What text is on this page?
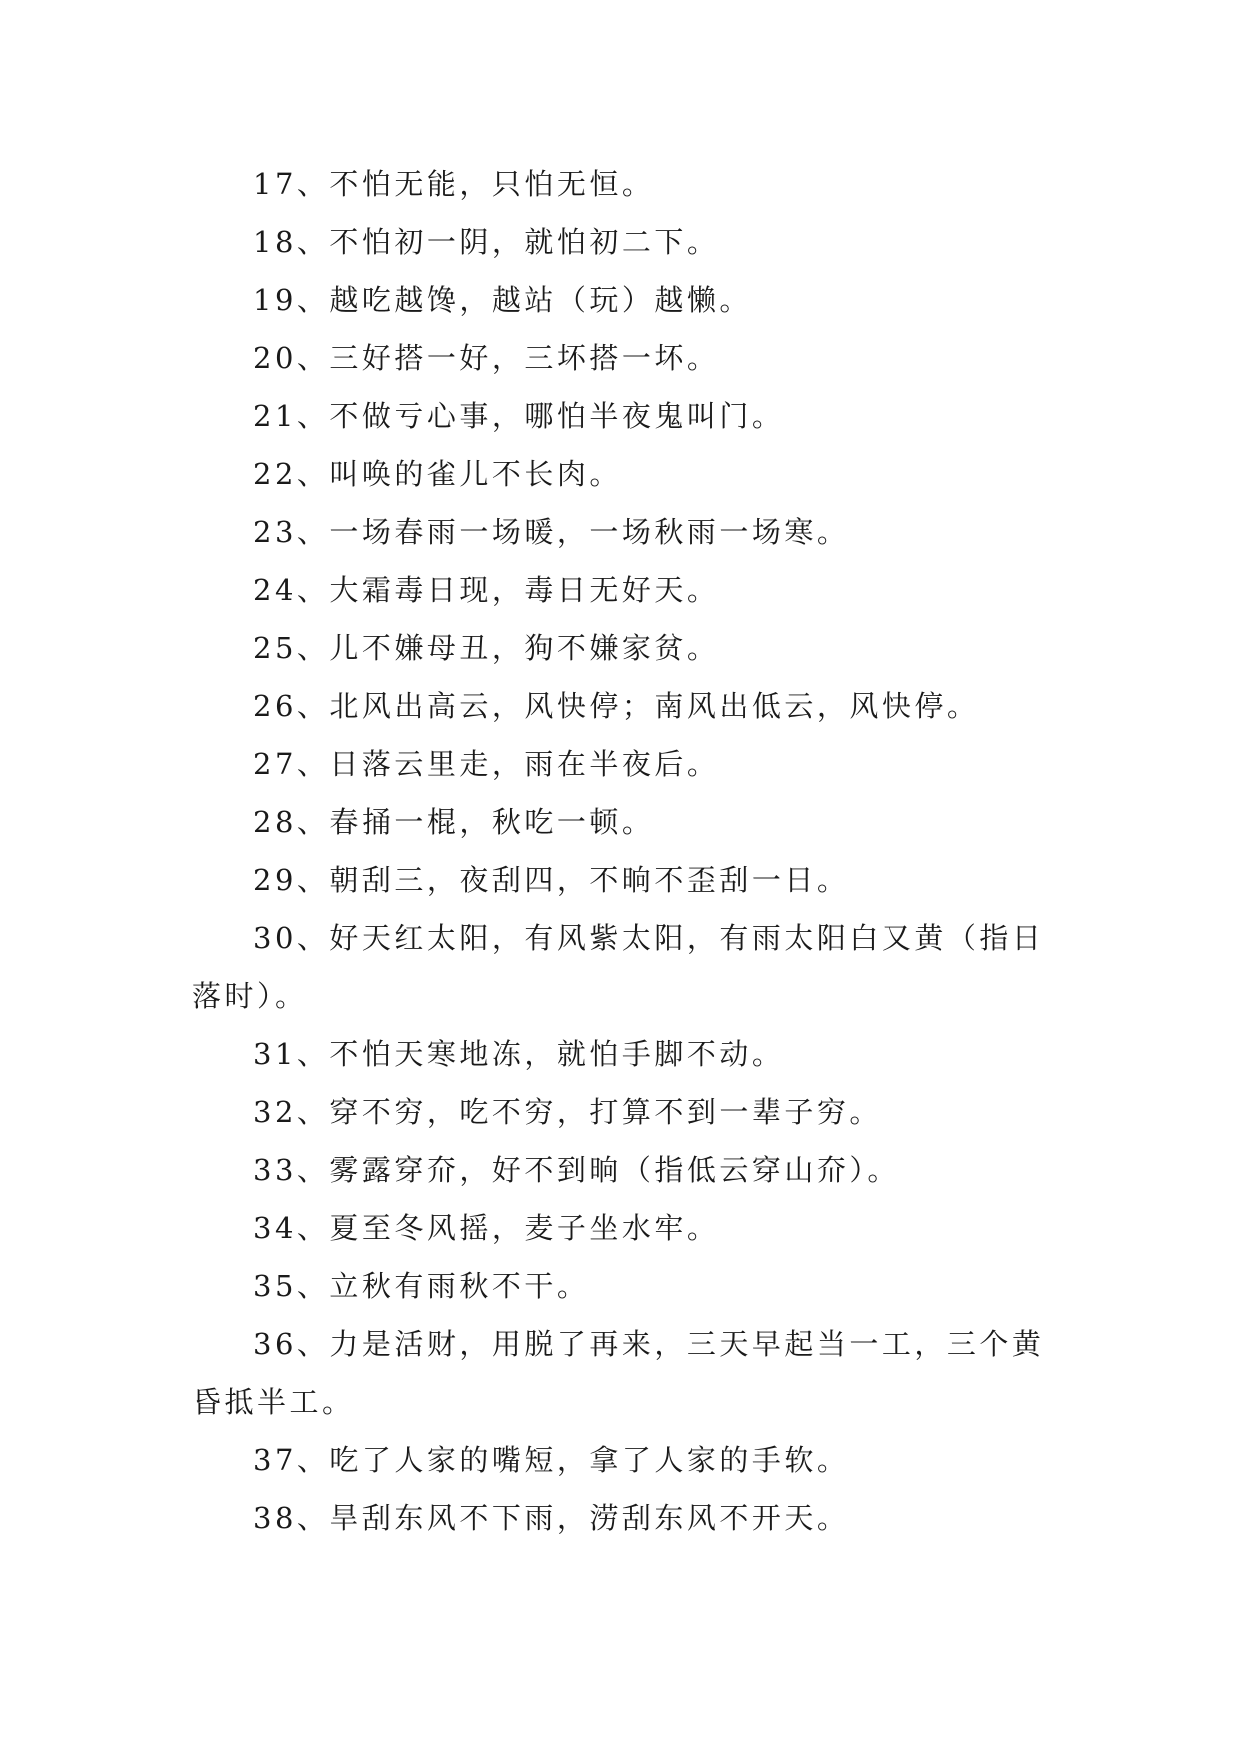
17、不怕无能，只怕无恒。

18、不怕初一阴，就怕初二下。

19、越吃越馋，越站（玩）越懒。

20、三好搭一好，三坏搭一坏。

21、不做亏心事，哪怕半夜鬼叫门。

22、叫唤的雀儿不长肉。

23、一场春雨一场暖，一场秋雨一场寒。

24、大霜毒日现，毒日无好天。

25、儿不嫌母丑，狗不嫌家贫。

26、北风出高云，风快停；南风出低云，风快停。

27、日落云里走，雨在半夜后。

28、春捅一棍，秋吃一顿。

29、朝刮三，夜刮四，不晌不歪刮一日。

30、好天红太阳，有风紫太阳，有雨太阳白又黄（指日落时）。

31、不怕天寒地冻，就怕手脚不动。

32、穿不穷，吃不穷，打算不到一辈子穷。

33、雾露穿夼，好不到晌（指低云穿山夼）。

34、夏至冬风摇，麦子坐水牢。

35、立秋有雨秋不干。

36、力是活财，用脱了再来，三天早起当一工，三个黄昏抵半工。

37、吃了人家的嘴短，拿了人家的手软。

38、旱刮东风不下雨，涝刮东风不开天。
